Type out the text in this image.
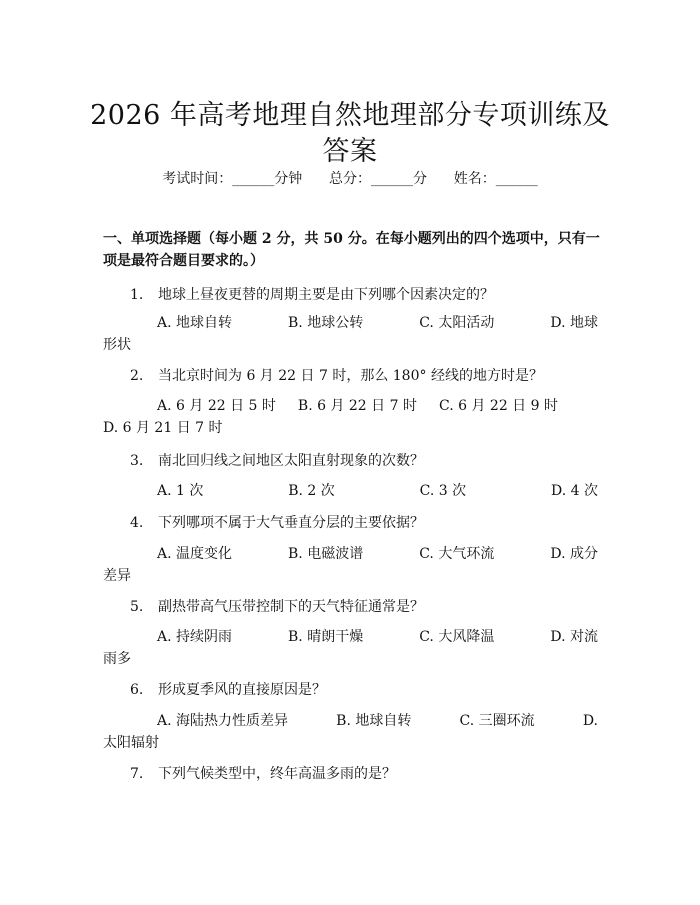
2026 年高考地理自然地理部分专项训练及答案
考试时间：______分钟 总分：______分 姓名：______
一、单项选择题（每小题 2 分，共 50 分。在每小题列出的四个选项中，只有一项是最符合题目要求的。）
1. 地球上昼夜更替的周期主要是由下列哪个因素决定的？
A. 地球自转	B. 地球公转	C. 太阳活动	D. 地球
形状
2. 当北京时间为 6 月 22 日 7 时，那么 180° 经线的地方时是？
A. 6 月 22 日 5 时 B. 6 月 22 日 7 时 C. 6 月 22 日 9 时
D. 6 月 21 日 7 时
3. 南北回归线之间地区太阳直射现象的次数？
A. 1 次	B. 2 次	C. 3 次	D. 4 次
4. 下列哪项不属于大气垂直分层的主要依据？
A. 温度变化	B. 电磁波谱	C. 大气环流	D. 成分
差异
5. 副热带高气压带控制下的天气特征通常是？
A. 持续阴雨	B. 晴朗干燥	C. 大风降温	D. 对流
雨多
6. 形成夏季风的直接原因是？
A. 海陆热力性质差异	B. 地球自转	C. 三圈环流	D.
太阳辐射
7. 下列气候类型中，终年高温多雨的是？
